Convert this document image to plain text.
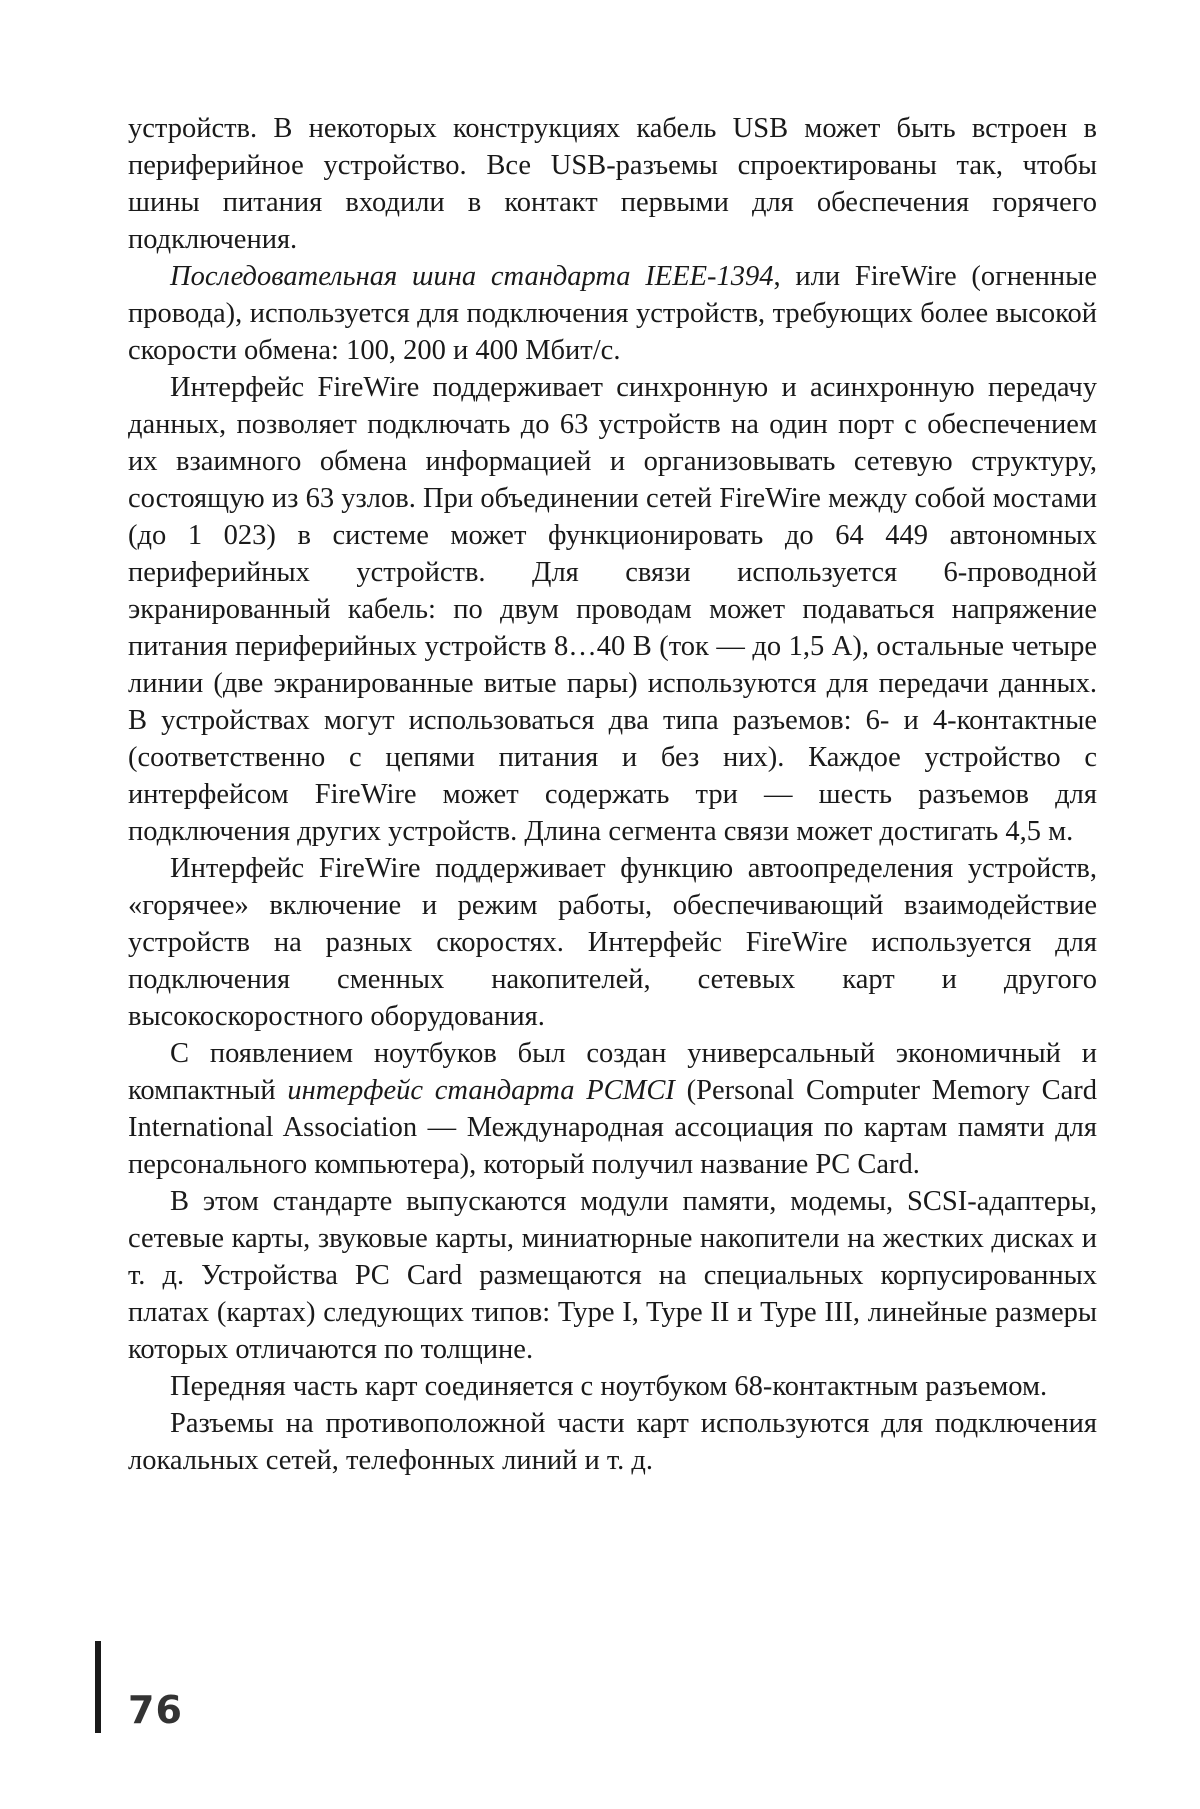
устройств. В некоторых конструкциях кабель USB может быть встроен в периферийное устройство. Все USB-разъемы спроектированы так, чтобы шины питания входили в контакт первыми для обеспечения горячего подключения.

Последовательная шина стандарта IEEE-1394, или FireWire (огненные провода), используется для подключения устройств, требующих более высокой скорости обмена: 100, 200 и 400 Мбит/с.

Интерфейс FireWire поддерживает синхронную и асинхронную передачу данных, позволяет подключать до 63 устройств на один порт с обеспечением их взаимного обмена информацией и организовывать сетевую структуру, состоящую из 63 узлов. При объединении сетей FireWire между собой мостами (до 1 023) в системе может функционировать до 64 449 автономных периферийных устройств. Для связи используется 6-проводной экранированный кабель: по двум проводам может подаваться напряжение питания периферийных устройств 8…40 В (ток — до 1,5 А), остальные четыре линии (две экранированные витые пары) используются для передачи данных. В устройствах могут использоваться два типа разъемов: 6- и 4-контактные (соответственно с цепями питания и без них). Каждое устройство с интерфейсом FireWire может содержать три — шесть разъемов для подключения других устройств. Длина сегмента связи может достигать 4,5 м.

Интерфейс FireWire поддерживает функцию автоопределения устройств, «горячее» включение и режим работы, обеспечивающий взаимодействие устройств на разных скоростях. Интерфейс FireWire используется для подключения сменных накопителей, сетевых карт и другого высокоскоростного оборудования.

С появлением ноутбуков был создан универсальный экономичный и компактный интерфейс стандарта PCMCI (Personal Computer Memory Card International Association — Международная ассоциация по картам памяти для персонального компьютера), который получил название PC Card.

В этом стандарте выпускаются модули памяти, модемы, SCSI-адаптеры, сетевые карты, звуковые карты, миниатюрные накопители на жестких дисках и т. д. Устройства PC Card размещаются на специальных корпусированных платах (картах) следующих типов: Type I, Type II и Type III, линейные размеры которых отличаются по толщине.

Передняя часть карт соединяется с ноутбуком 68-контактным разъемом.

Разъемы на противоположной части карт используются для подключения локальных сетей, телефонных линий и т. д.

76
